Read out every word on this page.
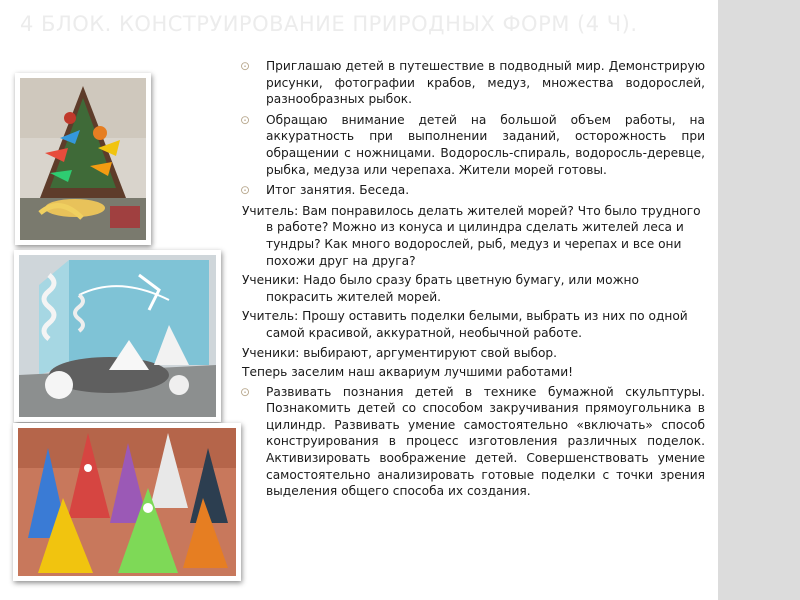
4 БЛОК. КОНСТРУИРОВАНИЕ ПРИРОДНЫХ ФОРМ (4 Ч).
⊙ Приглашаю детей в путешествие в подводный мир. Демонстрирую рисунки, фотографии крабов, медуз, множества водорослей, разнообразных рыбок.
⊙ Обращаю внимание детей на большой объем работы, на аккуратность при выполнении заданий, осторожность при обращении с ножницами. Водоросль-спираль, водоросль-деревце, рыбка, медуза или черепаха. Жители морей готовы.
⊙ Итог занятия. Беседа.
Учитель: Вам понравилось делать жителей морей? Что было трудного в работе? Можно из конуса и цилиндра сделать жителей леса и тундры? Как много водорослей, рыб, медуз и черепах и все они похожи друг на друга?
Ученики: Надо было сразу брать цветную бумагу, или можно покрасить жителей морей.
Учитель: Прошу оставить поделки белыми, выбрать из них по одной самой красивой, аккуратной, необычной работе.
Ученики: выбирают, аргументируют свой выбор.
Теперь заселим наш аквариум лучшими работами!
⊙ Развивать познания детей в технике бумажной скульптуры. Познакомить детей со способом закручивания прямоугольника в цилиндр. Развивать умение самостоятельно «включать» способ конструирования в процесс изготовления различных поделок. Активизировать воображение детей. Совершенствовать умение самостоятельно анализировать готовые поделки с точки зрения выделения общего способа их создания.
